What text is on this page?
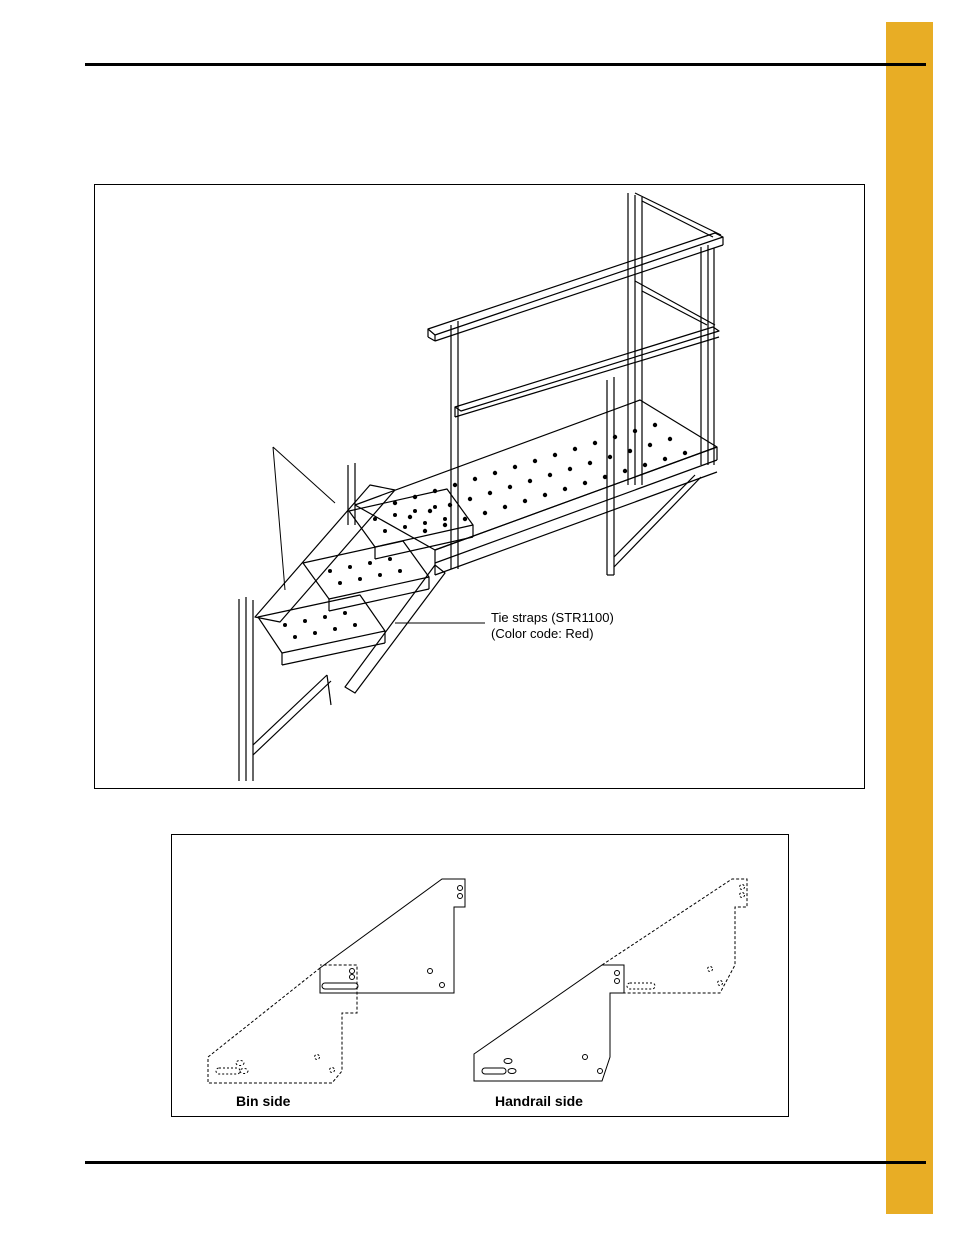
Tie straps (STR1100)
(Color code: Red)
Bin side	Handrail side
